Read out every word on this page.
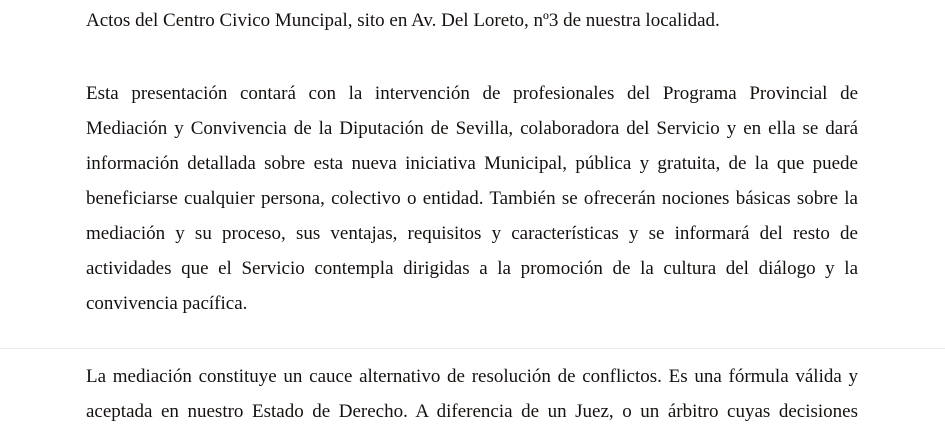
Actos del Centro Civico Muncipal, sito en Av. Del Loreto, nº3 de nuestra localidad.

Esta presentación contará con la intervención de profesionales del Programa Provincial de
Mediación y Convivencia de la Diputación de Sevilla, colaboradora del Servicio y en ella se dará
información detallada sobre esta nueva iniciativa Municipal, pública y gratuita, de la que puede
beneficiarse cualquier persona, colectivo o entidad. También se ofrecerán nociones básicas sobre la
mediación y su proceso, sus ventajas, requisitos y características y se informará del resto de
actividades que el Servicio contempla dirigidas a la promoción de la cultura del diálogo y la
convivencia pacífica.

La mediación constituye un cauce alternativo de resolución de conflictos. Es una fórmula válida y
aceptada en nuestro Estado de Derecho. A diferencia de un Juez, o un árbitro cuyas decisiones
